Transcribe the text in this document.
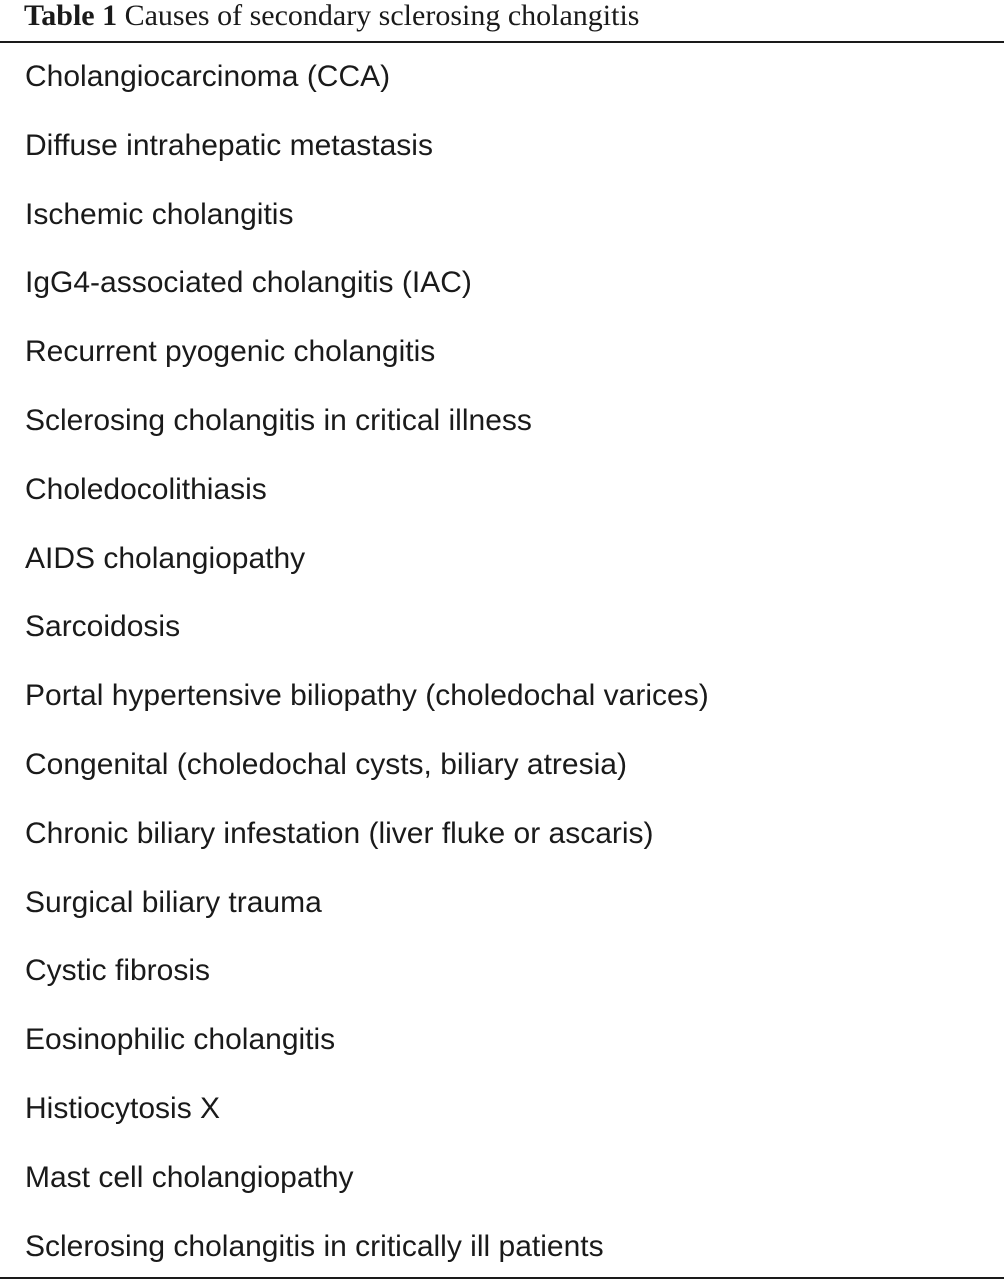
Table 1 Causes of secondary sclerosing cholangitis
Cholangiocarcinoma (CCA)
Diffuse intrahepatic metastasis
Ischemic cholangitis
IgG4-associated cholangitis (IAC)
Recurrent pyogenic cholangitis
Sclerosing cholangitis in critical illness
Choledocolithiasis
AIDS cholangiopathy
Sarcoidosis
Portal hypertensive biliopathy (choledochal varices)
Congenital (choledochal cysts, biliary atresia)
Chronic biliary infestation (liver fluke or ascaris)
Surgical biliary trauma
Cystic fibrosis
Eosinophilic cholangitis
Histiocytosis X
Mast cell cholangiopathy
Sclerosing cholangitis in critically ill patients
